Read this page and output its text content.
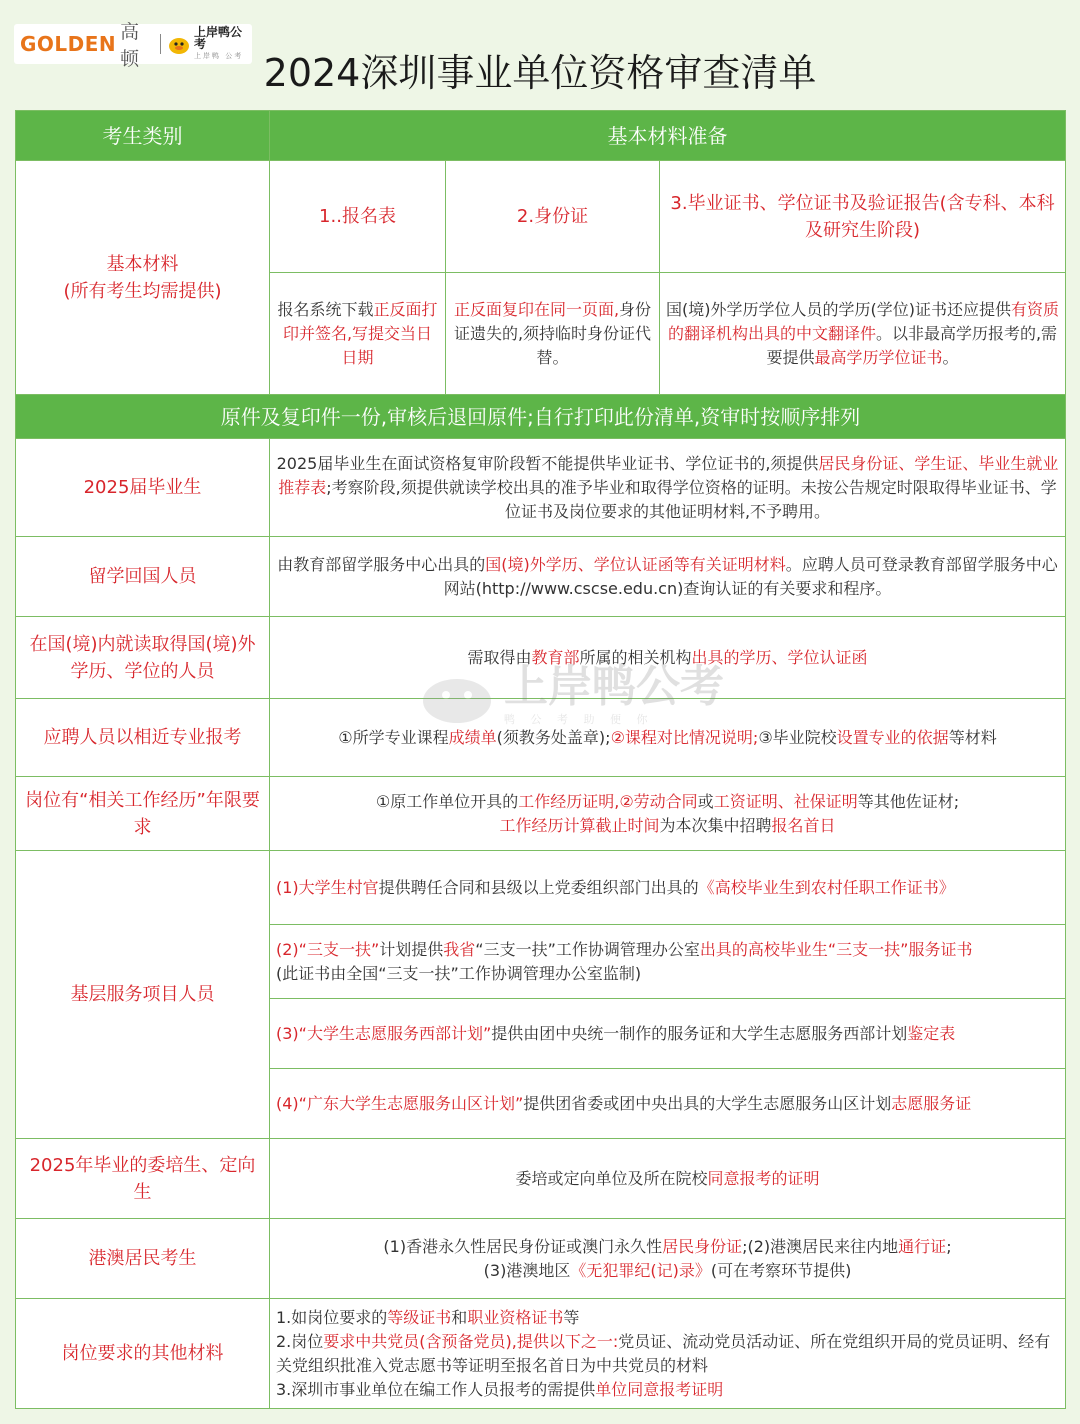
GOLDEN 高顿
上岸鸭公考
上岸鸭 公考 2024深圳事业单位资格审查清单
考生类别	基本材料准备		
基本材料
(所有考生均需提供)	1..报名表	2.身份证	3.毕业证书、学位证书及验证报告(含专科、本科及研究生阶段)
	报名系统下载正反面打印并签名,写提交当日日期	正反面复印在同一页面,身份证遗失的,须持临时身份证代替。	国(境)外学历学位人员的学历(学位)证书还应提供有资质的翻译机构出具的中文翻译件。以非最高学历报考的,需要提供最高学历学位证书。
原件及复印件一份,审核后退回原件;自行打印此份清单,资审时按顺序排列			
2025届毕业生	2025届毕业生在面试资格复审阶段暂不能提供毕业证书、学位证书的,须提供居民身份证、学生证、毕业生就业推荐表;考察阶段,须提供就读学校出具的准予毕业和取得学位资格的证明。未按公告规定时限取得毕业证书、学位证书及岗位要求的其他证明材料,不予聘用。		
留学回国人员	由教育部留学服务中心出具的国(境)外学历、学位认证函等有关证明材料。应聘人员可登录教育部留学服务中心网站(http://www.cscse.edu.cn)查询认证的有关要求和程序。		
在国(境)内就读取得国(境)外学历、学位的人员	需取得由教育部所属的相关机构出具的学历、学位认证函		
应聘人员以相近专业报考	①所学专业课程成绩单(须教务处盖章);②课程对比情况说明;③毕业院校设置专业的依据等材料		
岗位有“相关工作经历”年限要求	①原工作单位开具的工作经历证明,②劳动合同或工资证明、社保证明等其他佐证材;
工作经历计算截止时间为本次集中招聘报名首日		
基层服务项目人员	(1)大学生村官提供聘任合同和县级以上党委组织部门出具的《高校毕业生到农村任职工作证书》		
	(2)“三支一扶”计划提供我省“三支一扶”工作协调管理办公室出具的高校毕业生“三支一扶”服务证书
(此证书由全国“三支一扶”工作协调管理办公室监制)		
	(3)“大学生志愿服务西部计划”提供由团中央统一制作的服务证和大学生志愿服务西部计划鉴定表		
	(4)“广东大学生志愿服务山区计划”提供团省委或团中央出具的大学生志愿服务山区计划志愿服务证		
2025年毕业的委培生、定向生	委培或定向单位及所在院校同意报考的证明		
港澳居民考生	(1)香港永久性居民身份证或澳门永久性居民身份证;(2)港澳居民来往内地通行证;
(3)港澳地区《无犯罪纪(记)录》(可在考察环节提供)		
岗位要求的其他材料	1.如岗位要求的等级证书和职业资格证书等
2.岗位要求中共党员(含预备党员),提供以下之一:党员证、流动党员活动证、所在党组织开局的党员证明、经有关党组织批准入党志愿书等证明至报名首日为中共党员的材料
3.深圳市事业单位在编工作人员报考的需提供单位同意报考证明		
上岸鸭公考
鸭 公 考 助 便 你
